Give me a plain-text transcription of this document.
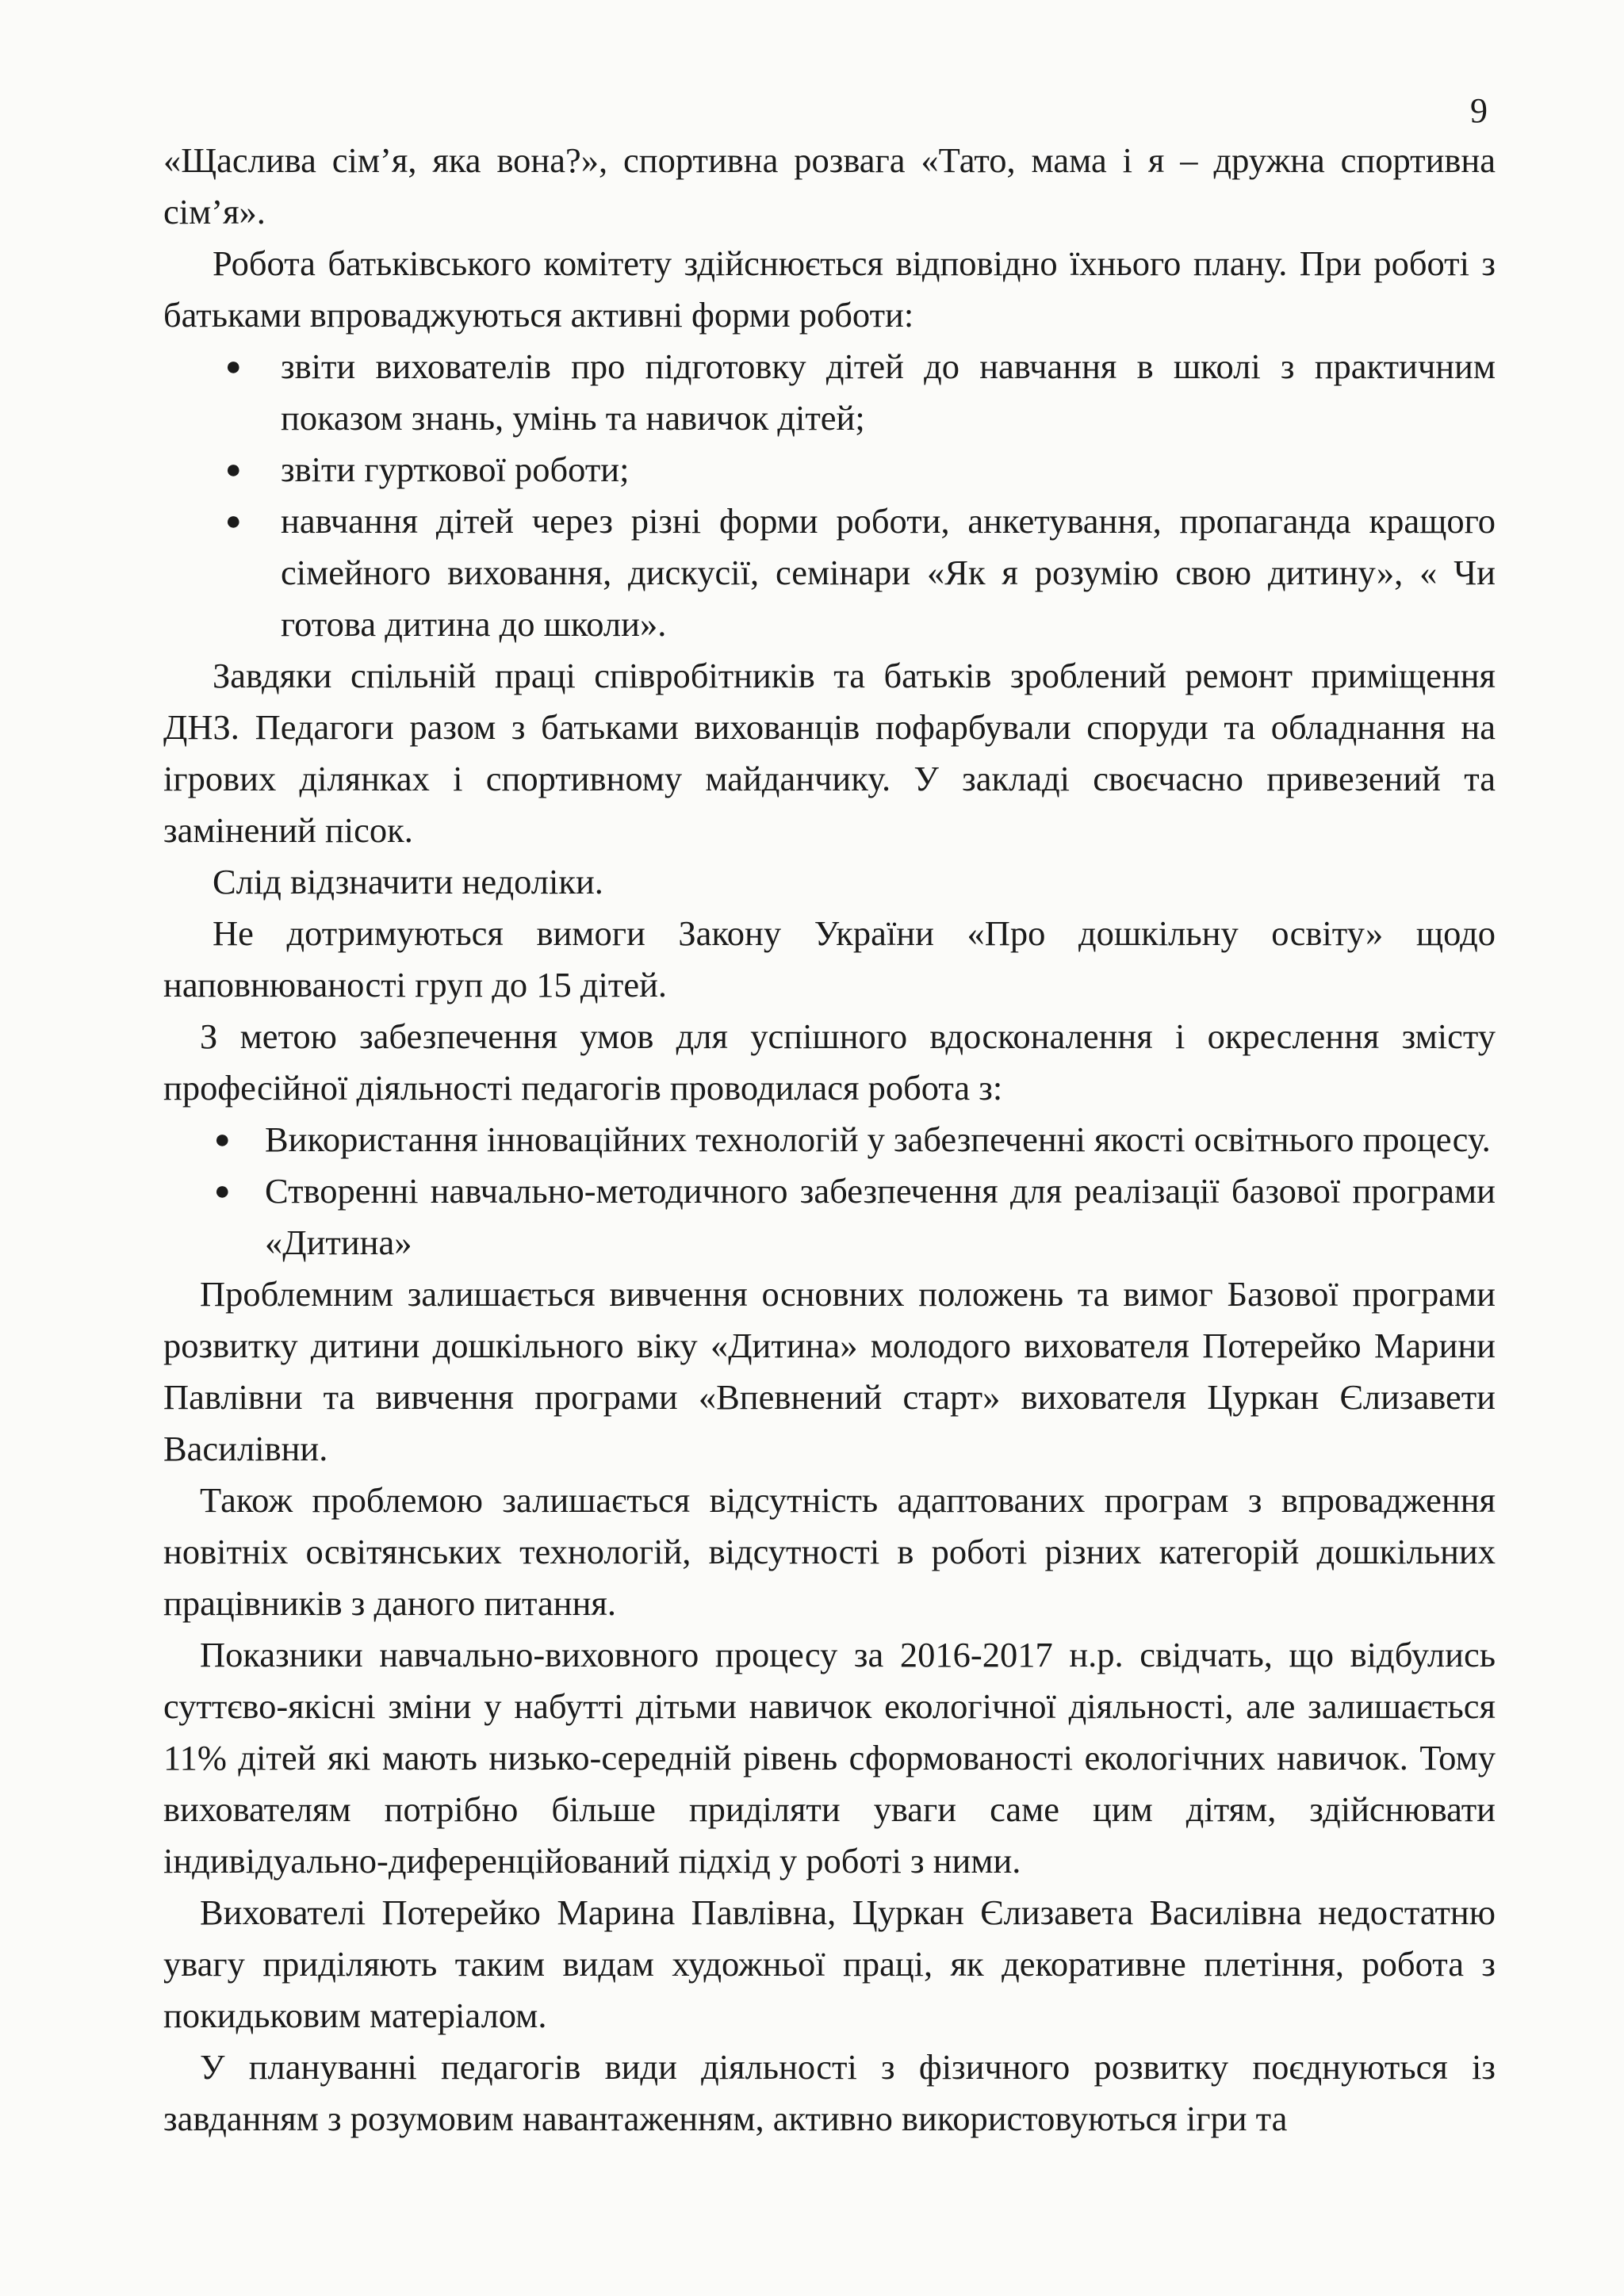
9

«Щаслива сім’я, яка вона?», спортивна розвага «Тато, мама і я – дружна спортивна сім’я».

Робота батьківського комітету здійснюється відповідно їхнього плану. При роботі з батьками впроваджуються активні форми роботи:

● звіти вихователів про підготовку дітей до навчання в школі з практичним показом знань, умінь та навичок дітей;
● звіти гурткової роботи;
● навчання дітей через різні форми роботи, анкетування, пропаганда кращого сімейного виховання, дискусії, семінари «Як я розумію свою дитину», « Чи готова дитина до школи».

Завдяки спільній праці співробітників та батьків зроблений ремонт приміщення ДНЗ. Педагоги разом з батьками вихованців пофарбували споруди та обладнання на ігрових ділянках і спортивному майданчику. У закладі своєчасно привезений та замінений пісок.

Слід відзначити недоліки.

Не дотримуються вимоги Закону України «Про дошкільну освіту» щодо наповнюваності груп до 15 дітей.

З метою забезпечення умов для успішного вдосконалення і окреслення змісту професійної діяльності педагогів проводилася робота з:

● Використання інноваційних технологій у забезпеченні якості освітнього процесу.
● Створенні навчально-методичного забезпечення для реалізації базової програми «Дитина»

Проблемним залишається вивчення основних положень та вимог Базової програми розвитку дитини дошкільного віку «Дитина» молодого вихователя Потерейко Марини Павлівни та вивчення програми «Впевнений старт» вихователя Цуркан Єлизавети Василівни.

Також проблемою залишається відсутність адаптованих програм з впровадження новітніх освітянських технологій, відсутності в роботі різних категорій дошкільних працівників з даного питання.

Показники навчально-виховного процесу за 2016-2017 н.р. свідчать, що відбулись суттєво-якісні зміни у набутті дітьми навичок екологічної діяльності, але залишається 11% дітей які мають низько-середній рівень сформованості екологічних навичок. Тому вихователям потрібно більше приділяти уваги саме цим дітям, здійснювати індивідуально-диференційований підхід у роботі з ними.

Вихователі Потерейко Марина Павлівна, Цуркан Єлизавета Василівна недостатню увагу приділяють таким видам художньої праці, як декоративне плетіння, робота з покидьковим матеріалом.

У плануванні педагогів види діяльності з фізичного розвитку поєднуються із завданням з розумовим навантаженням, активно використовуються ігри та
